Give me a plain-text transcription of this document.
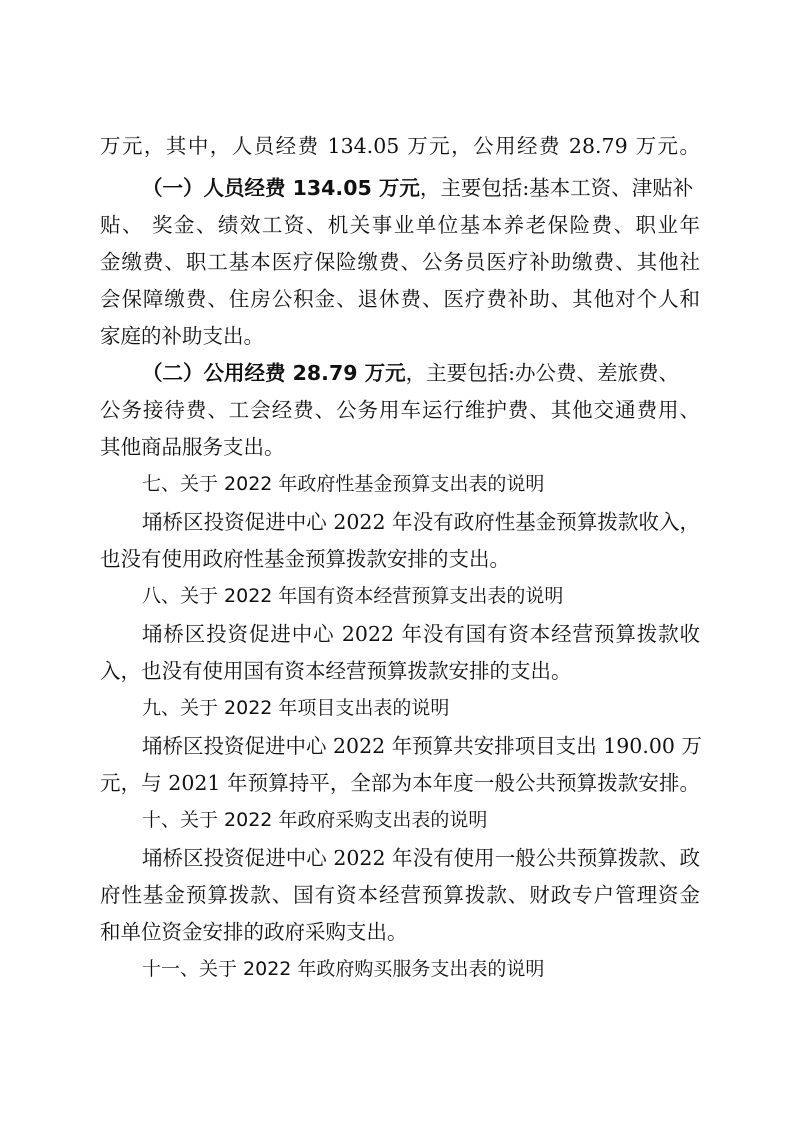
万元，其中，人员经费 134.05 万元，公用经费 28.79 万元。
（一）人员经费 134.05 万元，主要包括:基本工资、津贴补
贴、 奖金、绩效工资、机关事业单位基本养老保险费、职业年
金缴费、职工基本医疗保险缴费、公务员医疗补助缴费、其他社
会保障缴费、住房公积金、退休费、医疗费补助、其他对个人和
家庭的补助支出。
（二）公用经费 28.79 万元，主要包括:办公费、差旅费、
公务接待费、工会经费、公务用车运行维护费、其他交通费用、
其他商品服务支出。
七、关于 2022 年政府性基金预算支出表的说明
埇桥区投资促进中心 2022 年没有政府性基金预算拨款收入，
也没有使用政府性基金预算拨款安排的支出。
八、关于 2022 年国有资本经营预算支出表的说明
埇桥区投资促进中心 2022 年没有国有资本经营预算拨款收
入，也没有使用国有资本经营预算拨款安排的支出。
九、关于 2022 年项目支出表的说明
埇桥区投资促进中心 2022 年预算共安排项目支出 190.00 万
元，与 2021 年预算持平，全部为本年度一般公共预算拨款安排。
十、关于 2022 年政府采购支出表的说明
埇桥区投资促进中心 2022 年没有使用一般公共预算拨款、政
府性基金预算拨款、国有资本经营预算拨款、财政专户管理资金
和单位资金安排的政府采购支出。
十一、关于 2022 年政府购买服务支出表的说明
